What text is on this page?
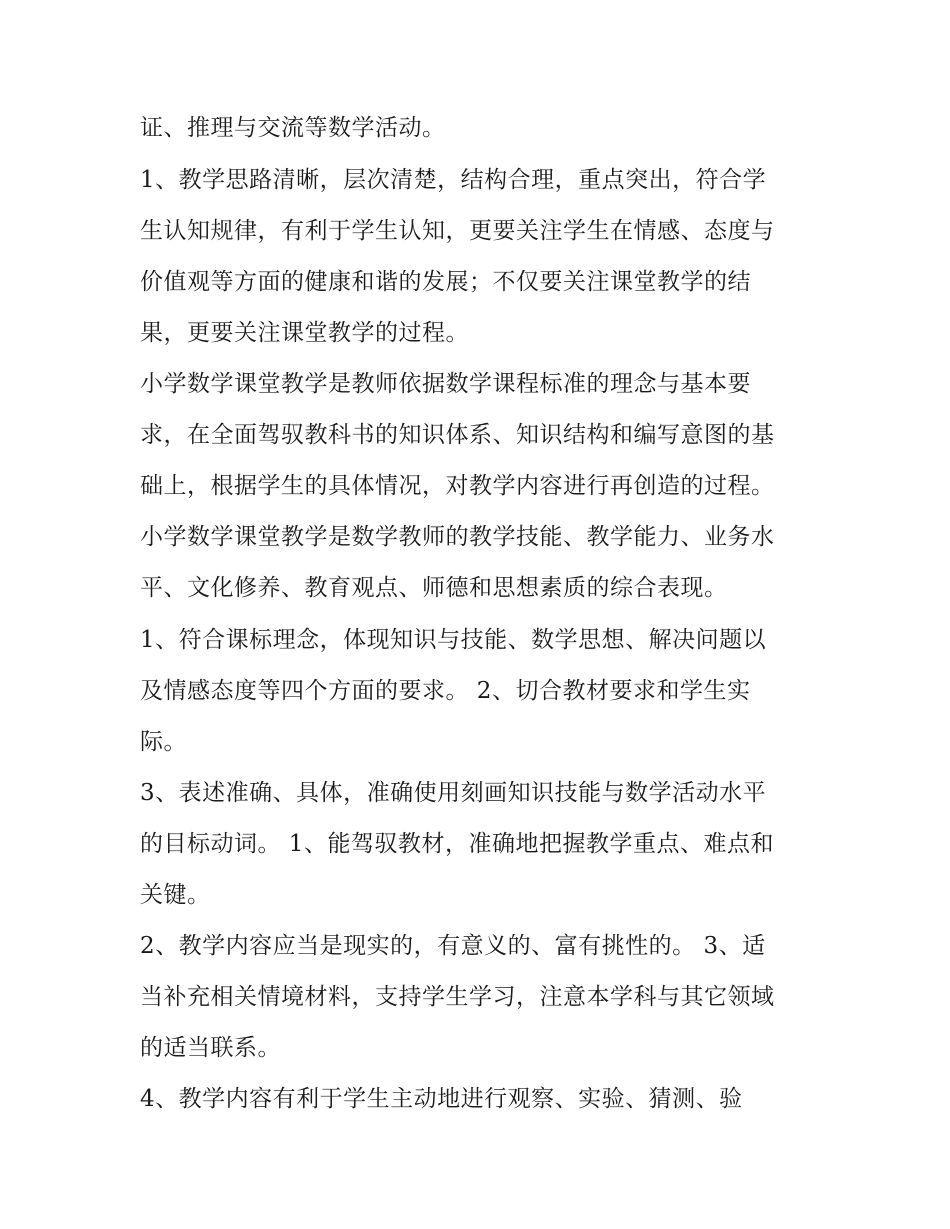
证、推理与交流等数学活动。
1、教学思路清晰，层次清楚，结构合理，重点突出，符合学
生认知规律，有利于学生认知，更要关注学生在情感、态度与
价值观等方面的健康和谐的发展；不仅要关注课堂教学的结
果，更要关注课堂教学的过程。
小学数学课堂教学是教师依据数学课程标准的理念与基本要
求，在全面驾驭教科书的知识体系、知识结构和编写意图的基
础上，根据学生的具体情况，对教学内容进行再创造的过程。
小学数学课堂教学是数学教师的教学技能、教学能力、业务水
平、文化修养、教育观点、师德和思想素质的综合表现。
1、符合课标理念，体现知识与技能、数学思想、解决问题以
及情感态度等四个方面的要求。 2、切合教材要求和学生实
际。
3、表述准确、具体，准确使用刻画知识技能与数学活动水平
的目标动词。 1、能驾驭教材，准确地把握教学重点、难点和
关键。
2、教学内容应当是现实的，有意义的、富有挑性的。 3、适
当补充相关情境材料，支持学生学习，注意本学科与其它领域
的适当联系。
4、教学内容有利于学生主动地进行观察、实验、猜测、验
